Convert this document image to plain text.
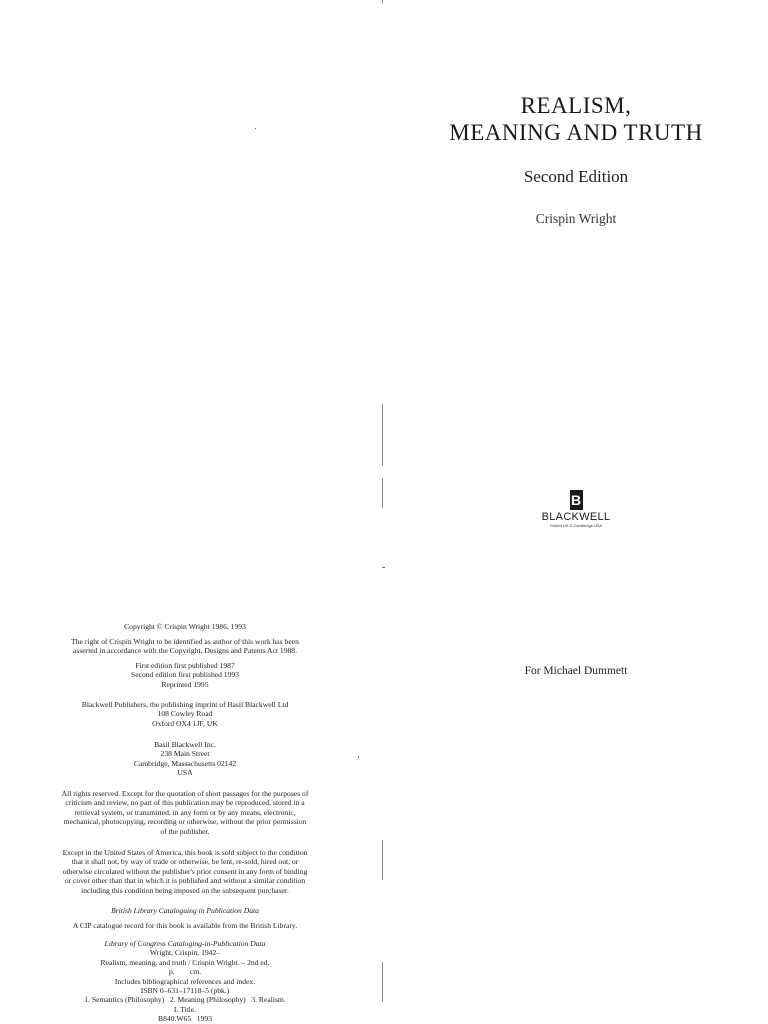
Copyright © Crispin Wright 1986, 1993
The right of Crispin Wright to be identified as author of this work has been
asserted in accordance with the Copyright, Designs and Patents Act 1988.
First edition first published 1987
Second edition first published 1993
Reprinted 1995
Blackwell Publishers, the publishing imprint of Basil Blackwell Ltd
108 Cowley Road
Oxford OX4 1JF, UK
Basil Blackwell Inc.
238 Main Street
Cambridge, Massachusetts 02142
USA
All rights reserved. Except for the quotation of short passages for the purposes of
criticism and review, no part of this publication may be reproduced, stored in a
retrieval system, or transmitted, in any form or by any means, electronic,
mechanical, photocopying, recording or otherwise, without the prior permission
of the publisher.
Except in the United States of America, this book is sold subject to the condition
that it shall not, by way of trade or otherwise, be lent, re-sold, hired out, or
otherwise circulated without the publisher's prior consent in any form of binding
or cover other than that in which it is published and without a similar condition
including this condition being imposed on the subsequent purchaser.
British Library Cataloguing in Publication Data
A CIP catalogue record for this book is available from the British Library.
Library of Congress Cataloging-in-Publication Data
Wright, Crispin, 1942–
Realism, meaning, and truth / Crispin Wright. – 2nd ed.
p.        cm.
Includes bibliographical references and index.
ISBN 0–631–17118–5 (pbk.)
1. Semantics (Philosophy)   2. Meaning (Philosophy)   3. Realism.
I. Title.
B840.W65   1993
REALISM,
MEANING AND TRUTH
Second Edition
Crispin Wright
B
BLACKWELL
Oxford UK & Cambridge USA
For Michael Dummett
